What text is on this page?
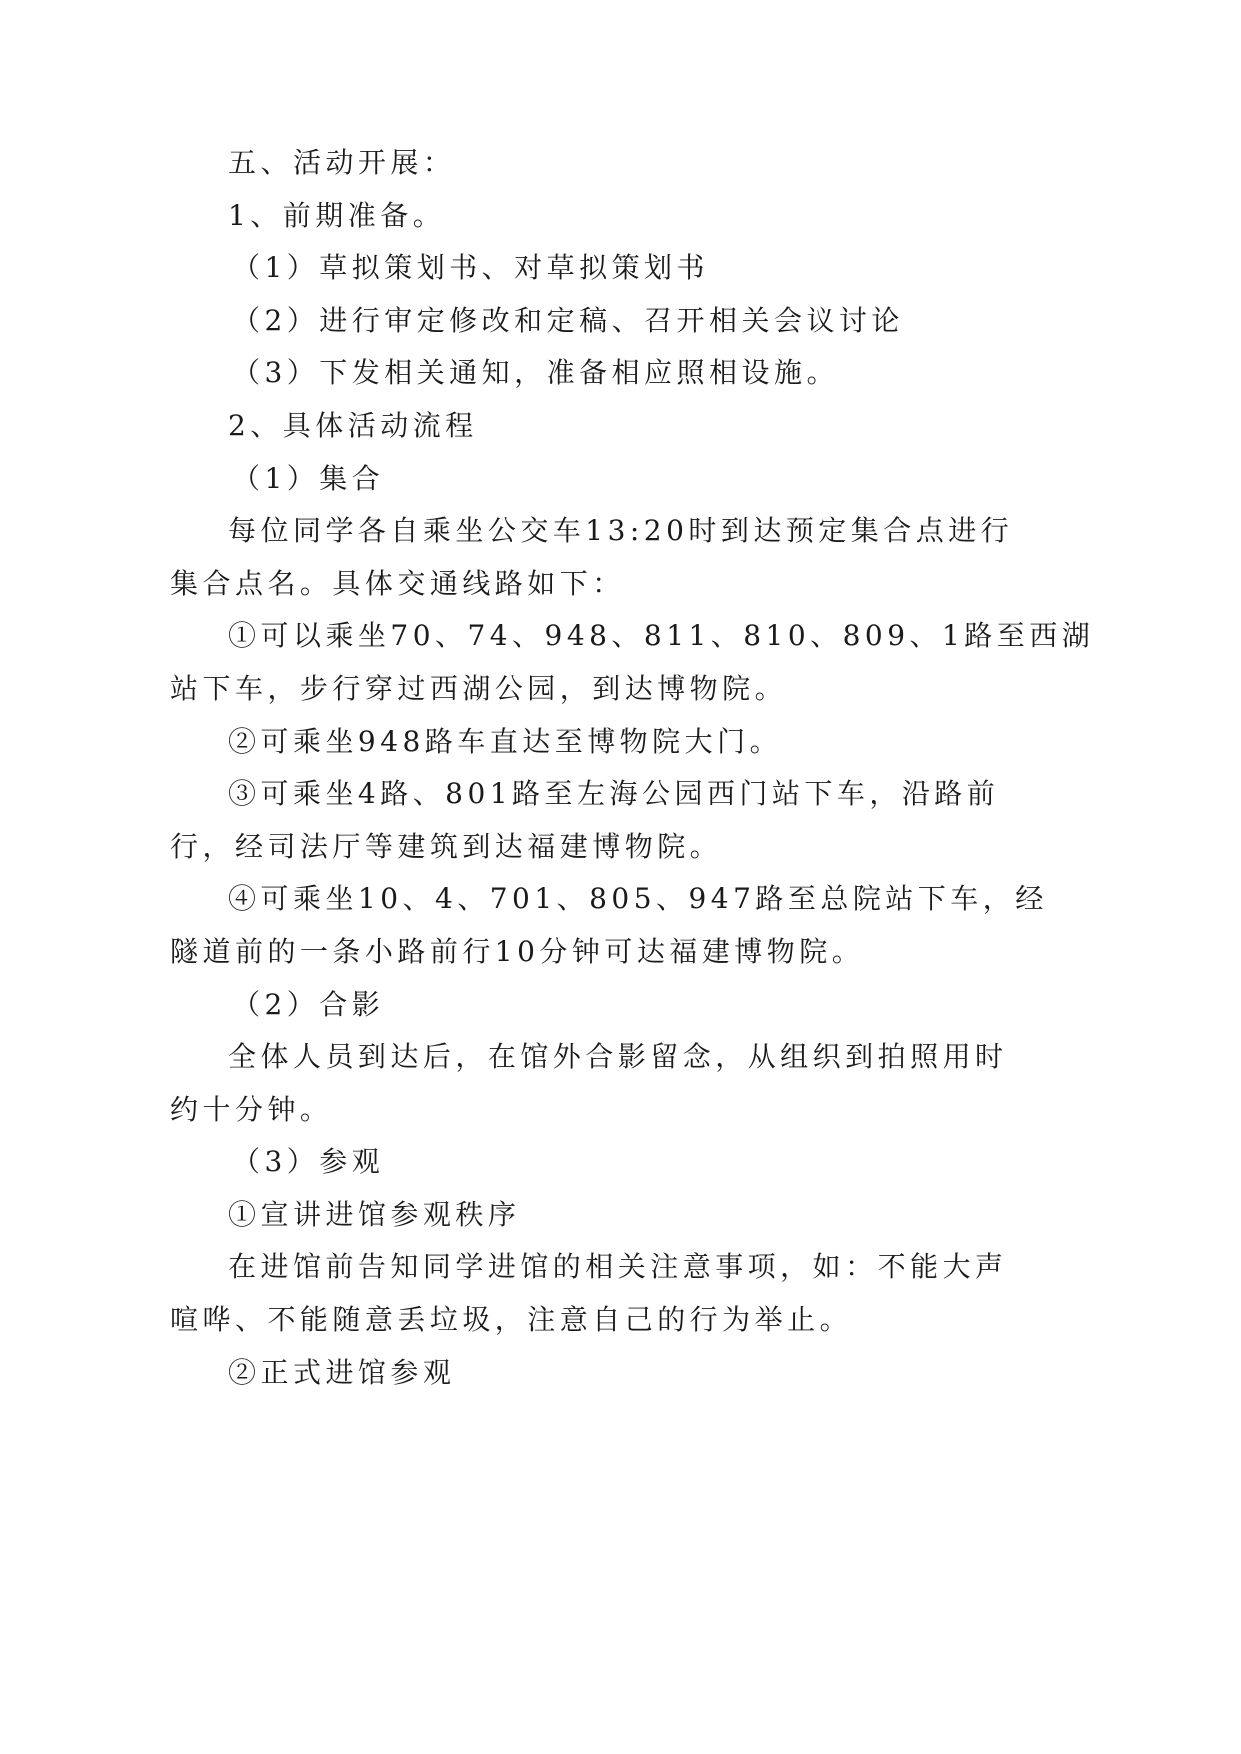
五、活动开展：
1、前期准备。
（1）草拟策划书、对草拟策划书
（2）进行审定修改和定稿、召开相关会议讨论
（3）下发相关通知，准备相应照相设施。
2、具体活动流程
（1）集合
每位同学各自乘坐公交车13:20时到达预定集合点进行
集合点名。具体交通线路如下：
①可以乘坐70、74、948、811、810、809、1路至西湖
站下车，步行穿过西湖公园，到达博物院。
②可乘坐948路车直达至博物院大门。
③可乘坐4路、801路至左海公园西门站下车，沿路前
行，经司法厅等建筑到达福建博物院。
④可乘坐10、4、701、805、947路至总院站下车，经
隧道前的一条小路前行10分钟可达福建博物院。
（2）合影
全体人员到达后，在馆外合影留念，从组织到拍照用时
约十分钟。
（3）参观
①宣讲进馆参观秩序
在进馆前告知同学进馆的相关注意事项，如：不能大声
喧哗、不能随意丢垃圾，注意自己的行为举止。
②正式进馆参观
